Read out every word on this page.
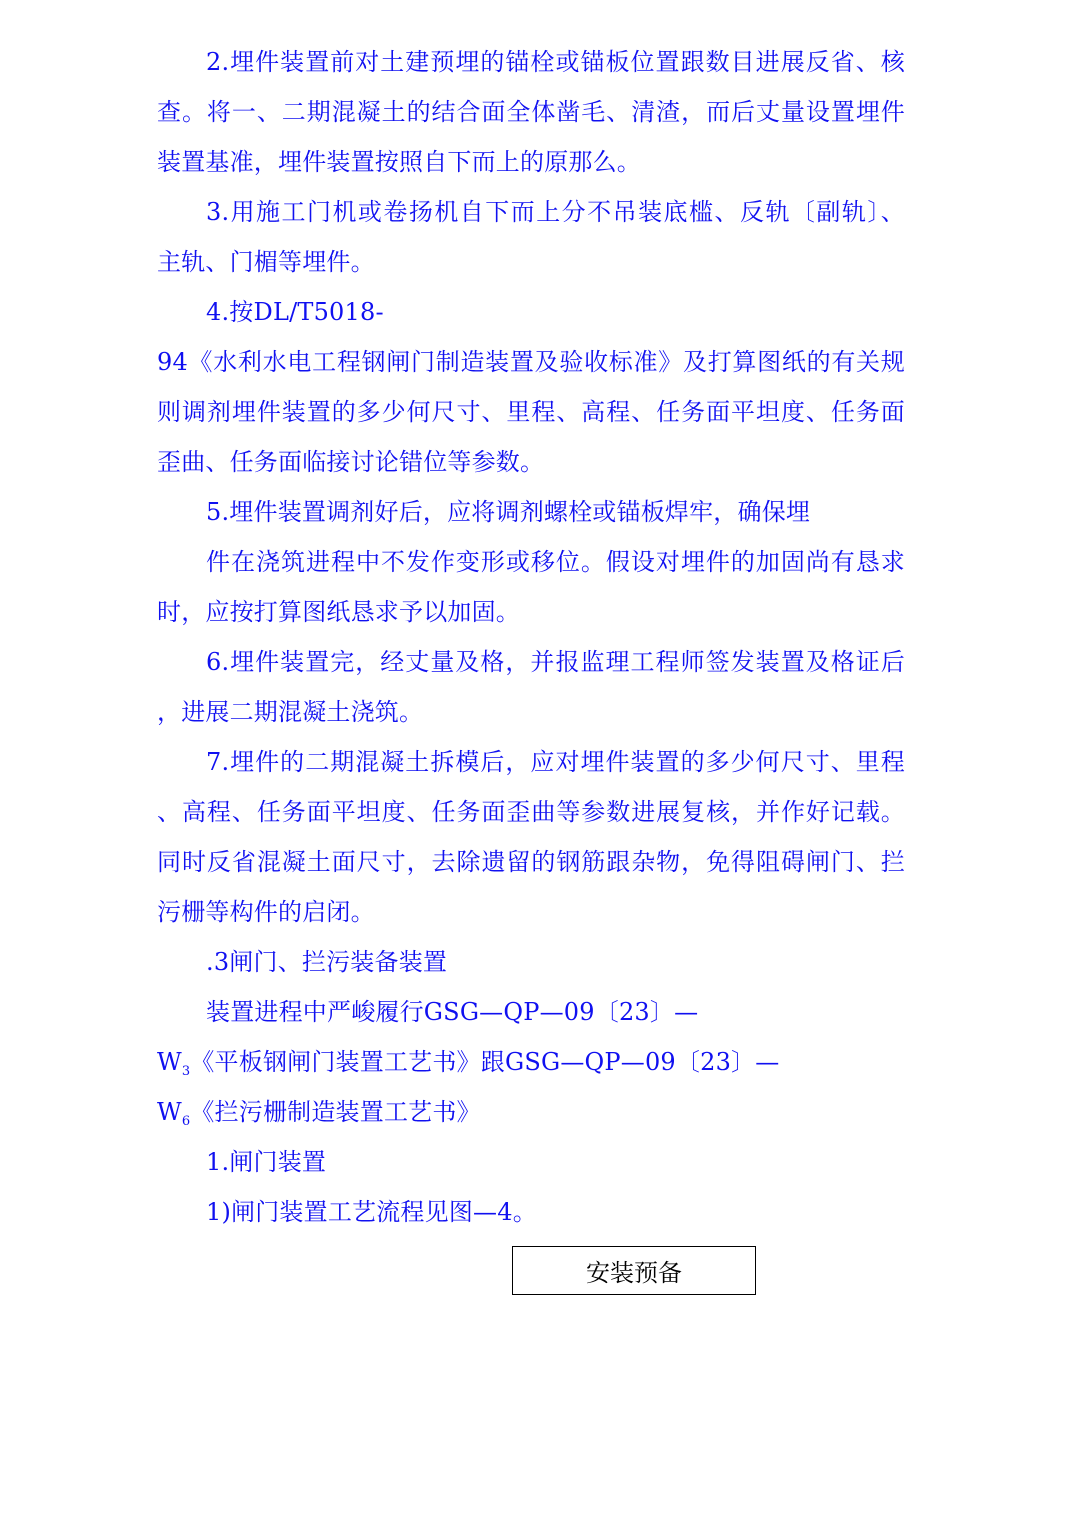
2.埋件装置前对土建预埋的锚栓或锚板位置跟数目进展反省、核
查。将一、二期混凝土的结合面全体凿毛、清渣，而后丈量设置埋件
装置基准，埋件装置按照自下而上的原那么。
3.用施工门机或卷扬机自下而上分不吊装底槛、反轨〔副轨〕、
主轨、门楣等埋件。
4.按DL/T5018-
94《水利水电工程钢闸门制造装置及验收标准》及打算图纸的有关规
则调剂埋件装置的多少何尺寸、里程、高程、任务面平坦度、任务面
歪曲、任务面临接讨论错位等参数。
5.埋件装置调剂好后，应将调剂螺栓或锚板焊牢，确保埋
件在浇筑进程中不发作变形或移位。假设对埋件的加固尚有恳求
时，应按打算图纸恳求予以加固。
6.埋件装置完，经丈量及格，并报监理工程师签发装置及格证后
，进展二期混凝土浇筑。
7.埋件的二期混凝土拆模后，应对埋件装置的多少何尺寸、里程
、高程、任务面平坦度、任务面歪曲等参数进展复核，并作好记载。
同时反省混凝土面尺寸，去除遗留的钢筋跟杂物，免得阻碍闸门、拦
污栅等构件的启闭。
.3闸门、拦污装备装置
装置进程中严峻履行GSG—QP—09〔23〕—
$W_3$《平板钢闸门装置工艺书》跟GSG—QP—09〔23〕—
$W_6$《拦污栅制造装置工艺书》
1.闸门装置
1)闸门装置工艺流程见图—4。
安装预备
